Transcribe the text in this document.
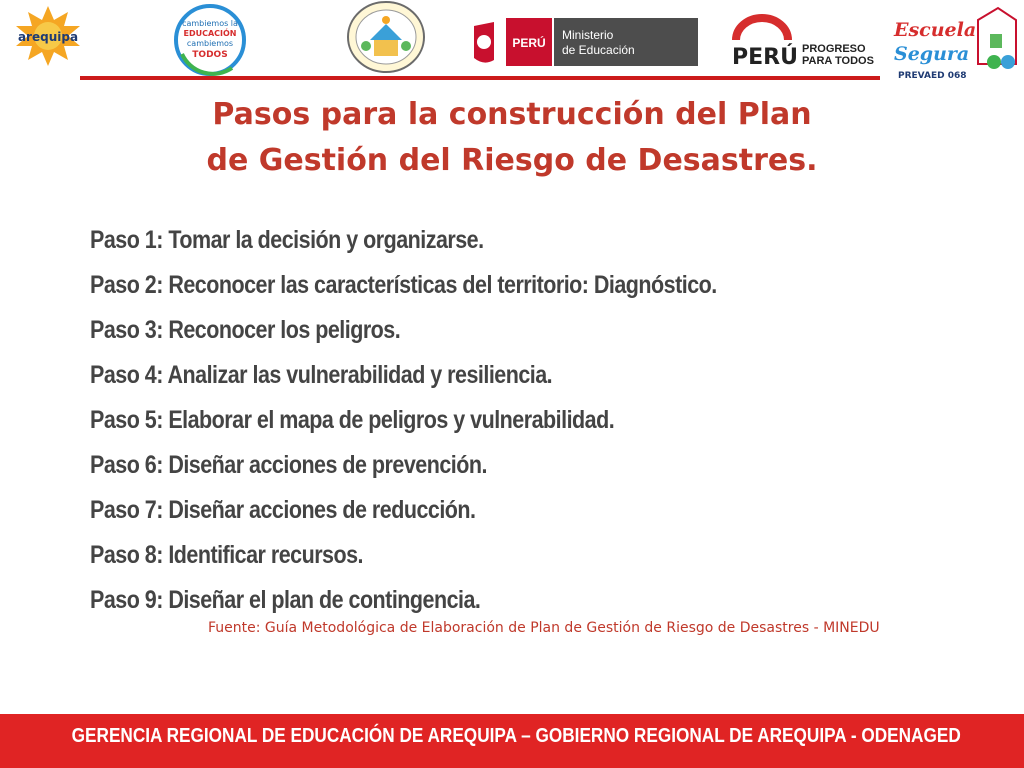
arequipa
cambiemos la
EDUCACIÓN
cambiemos
TODOS
PERÚ
Ministerio
de Educación	PERÚ PROGRESO
PARA TODOS
Escuela
Segura
PREVAED 068
Pasos para la construcción del Plan
de Gestión del Riesgo de Desastres.
Paso 1: Tomar la decisión y organizarse.
Paso 2: Reconocer las características del territorio: Diagnóstico.
Paso 3: Reconocer los peligros.
Paso 4: Analizar las vulnerabilidad y resiliencia.
Paso 5: Elaborar el mapa de peligros y vulnerabilidad.
Paso 6: Diseñar acciones de prevención.
Paso 7: Diseñar acciones de reducción.
Paso 8: Identificar recursos.
Paso 9: Diseñar el plan de contingencia.
Fuente: Guía Metodológica de Elaboración de Plan de Gestión de Riesgo de Desastres - MINEDU
GERENCIA REGIONAL DE EDUCACIÓN DE AREQUIPA – GOBIERNO REGIONAL DE AREQUIPA - ODENAGED
